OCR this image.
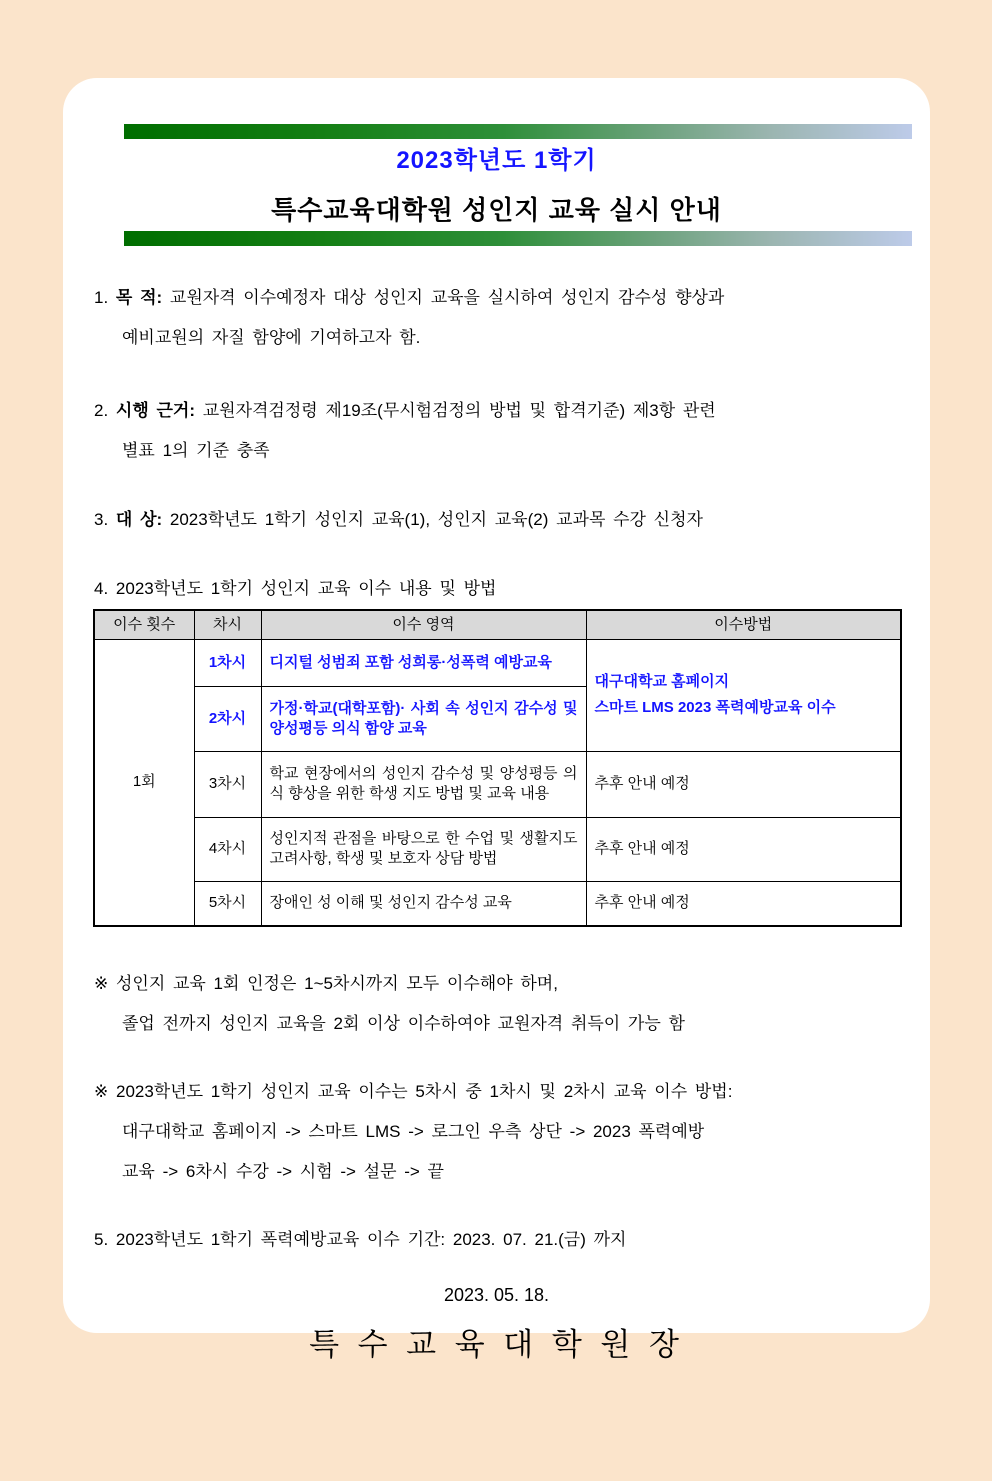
2023학년도 1학기
특수교육대학원 성인지 교육 실시 안내
1. 목 적: 교원자격 이수예정자 대상 성인지 교육을 실시하여 성인지 감수성 향상과
예비교원의 자질 함양에 기여하고자 함.
2. 시행 근거: 교원자격검정령 제19조(무시험검정의 방법 및 합격기준) 제3항 관련
별표 1의 기준 충족
3. 대 상: 2023학년도 1학기 성인지 교육(1), 성인지 교육(2) 교과목 수강 신청자
4. 2023학년도 1학기 성인지 교육 이수 내용 및 방법
이수 횟수	차시	이수 영역	이수방법
1회	1차시	디지털 성범죄 포함 성희롱·성폭력 예방교육	대구대학교 홈페이지
스마트 LMS 2023 폭력예방교육 이수

	2차시	가정·학교(대학포함)· 사회 속 성인지 감수성 및 양성평등 의식 함양 교육	
	3차시	학교 현장에서의 성인지 감수성 및 양성평등 의식 향상을 위한 학생 지도 방법 및 교육 내용	추후 안내 예정
	4차시	성인지적 관점을 바탕으로 한 수업 및 생활지도 고려사항, 학생 및 보호자 상담 방법	추후 안내 예정
	5차시	장애인 성 이해 및 성인지 감수성 교육	추후 안내 예정
※ 성인지 교육 1회 인정은 1~5차시까지 모두 이수해야 하며,
졸업 전까지 성인지 교육을 2회 이상 이수하여야 교원자격 취득이 가능 함
※ 2023학년도 1학기 성인지 교육 이수는 5차시 중 1차시 및 2차시 교육 이수 방법:
대구대학교 홈페이지 -> 스마트 LMS -> 로그인 우측 상단 -> 2023 폭력예방
교육 -> 6차시 수강 -> 시험 -> 설문 -> 끝
5. 2023학년도 1학기 폭력예방교육 이수 기간: 2023. 07. 21.(금) 까지
2023. 05. 18.
특 수 교 육 대 학 원 장
